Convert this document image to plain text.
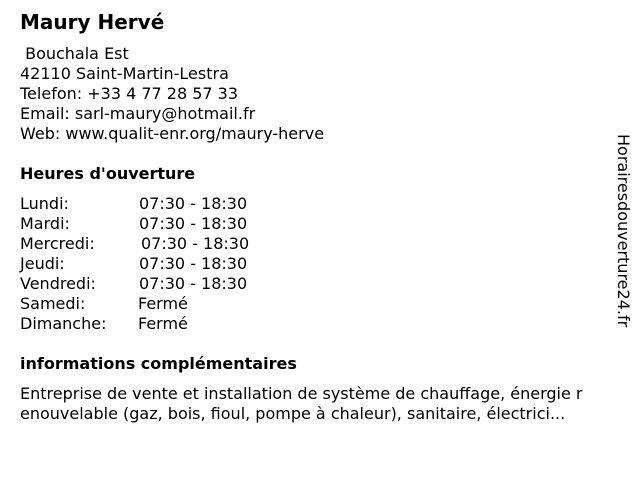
Maury Hervé
Bouchala Est
42110 Saint-Martin-Lestra
Telefon: +33 4 77 28 57 33
Email: sarl-maury@hotmail.fr
Web: www.qualit-enr.org/maury-herve
Heures d'ouverture
Lundi:	07:30 - 18:30
Mardi:	07:30 - 18:30
Mercredi:	07:30 - 18:30
Jeudi:	07:30 - 18:30
Vendredi:	07:30 - 18:30
Samedi:	Fermé
Dimanche: Fermé
informations complémentaires
Entreprise de vente et installation de système de chauffage, énergie r
enouvelable (gaz, bois, fioul, pompe à chaleur), sanitaire, électrici...
Horairesdouverture24.fr
